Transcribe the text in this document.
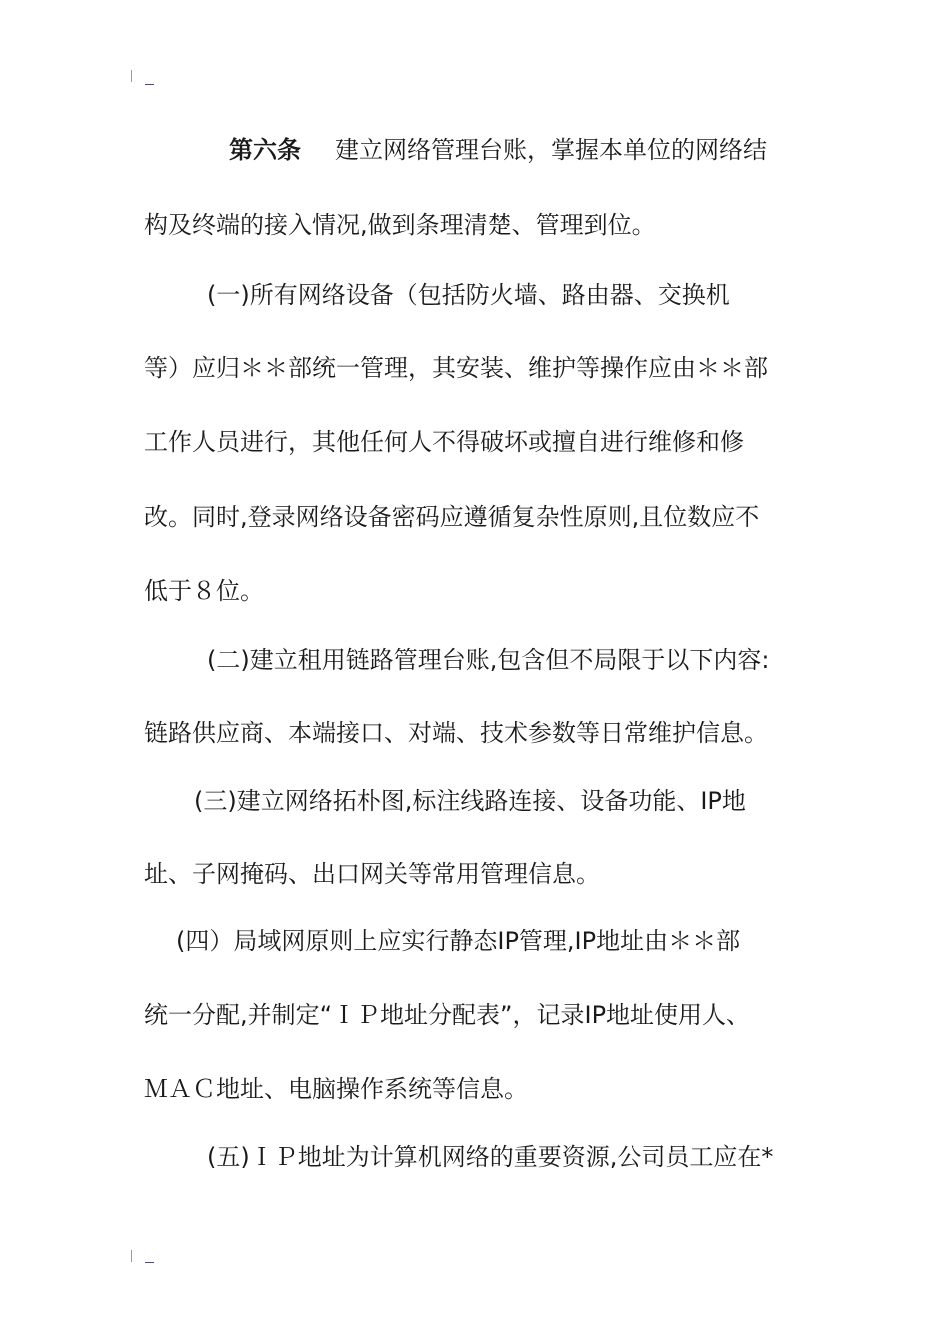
第六条 建立网络管理台账，掌握本单位的网络结
构及终端的接入情况,做到条理清楚、管理到位。
(一)所有网络设备（包括防火墙、路由器、交换机
等）应归＊＊部统一管理，其安装、维护等操作应由＊＊部
工作人员进行，其他任何人不得破坏或擅自进行维修和修
改。同时,登录网络设备密码应遵循复杂性原则,且位数应不
低于８位。
(二)建立租用链路管理台账,包含但不局限于以下内容:
链路供应商、本端接口、对端、技术参数等日常维护信息。
(三)建立网络拓朴图,标注线路连接、设备功能、IP地
址、子网掩码、出口网关等常用管理信息。
(四）局域网原则上应实行静态IP管理,IP地址由＊＊部
统一分配,并制定“ＩＰ地址分配表”，记录IP地址使用人、
ＭＡＣ地址、电脑操作系统等信息。
(五)ＩＰ地址为计算机网络的重要资源,公司员工应在*
